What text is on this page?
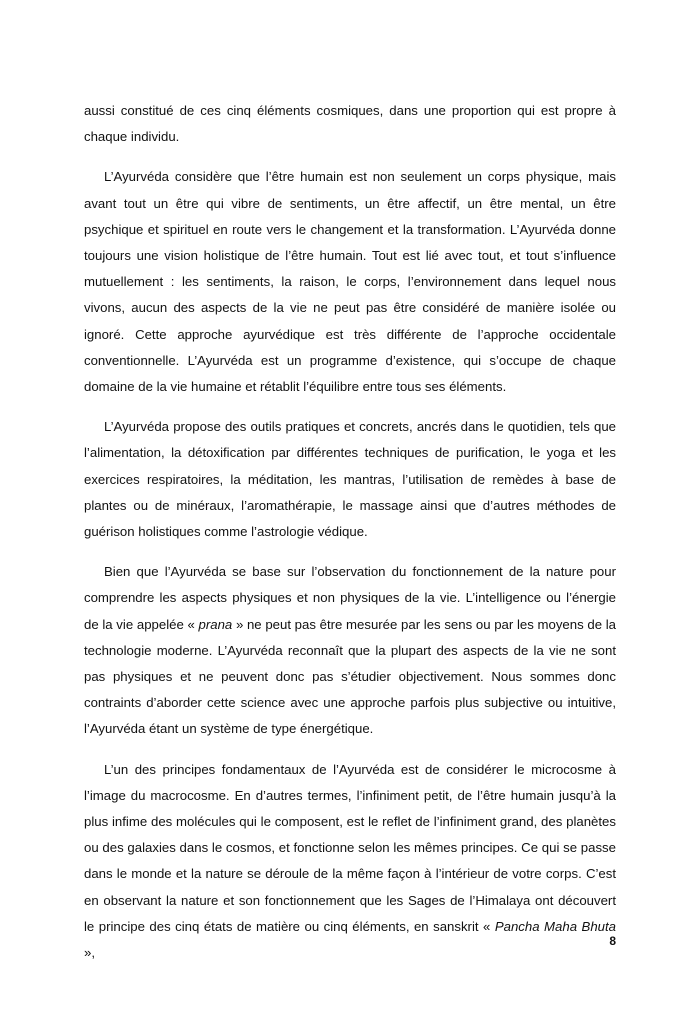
aussi constitué de ces cinq éléments cosmiques, dans une proportion qui est propre à chaque individu.

L’Ayurvéda considère que l’être humain est non seulement un corps physique, mais avant tout un être qui vibre de sentiments, un être affectif, un être mental, un être psychique et spirituel en route vers le changement et la transformation. L’Ayurvéda donne toujours une vision holistique de l’être humain. Tout est lié avec tout, et tout s’influence mutuellement : les sentiments, la raison, le corps, l’environnement dans lequel nous vivons, aucun des aspects de la vie ne peut pas être considéré de manière isolée ou ignoré. Cette approche ayurvédique est très différente de l’approche occidentale conventionnelle. L’Ayurvéda est un programme d’existence, qui s’occupe de chaque domaine de la vie humaine et rétablit l’équilibre entre tous ses éléments.

L’Ayurvéda propose des outils pratiques et concrets, ancrés dans le quotidien, tels que l’alimentation, la détoxification par différentes techniques de purification, le yoga et les exercices respiratoires, la méditation, les mantras, l’utilisation de remèdes à base de plantes ou de minéraux, l’aromathérapie, le massage ainsi que d’autres méthodes de guérison holistiques comme l’astrologie védique.

Bien que l’Ayurvéda se base sur l’observation du fonctionnement de la nature pour comprendre les aspects physiques et non physiques de la vie. L’intelligence ou l’énergie de la vie appelée « prana » ne peut pas être mesurée par les sens ou par les moyens de la technologie moderne. L’Ayurvéda reconnaît que la plupart des aspects de la vie ne sont pas physiques et ne peuvent donc pas s’étudier objectivement. Nous sommes donc contraints d’aborder cette science avec une approche parfois plus subjective ou intuitive, l’Ayurvéda étant un système de type énergétique.

L’un des principes fondamentaux de l’Ayurvéda est de considérer le microcosme à l’image du macrocosme. En d’autres termes, l’infiniment petit, de l’être humain jusqu’à la plus infime des molécules qui le composent, est le reflet de l’infiniment grand, des planètes ou des galaxies dans le cosmos, et fonctionne selon les mêmes principes. Ce qui se passe dans le monde et la nature se déroule de la même façon à l’intérieur de votre corps. C’est en observant la nature et son fonctionnement que les Sages de l’Himalaya ont découvert le principe des cinq états de matière ou cinq éléments, en sanskrit « Pancha Maha Bhuta »,

8
